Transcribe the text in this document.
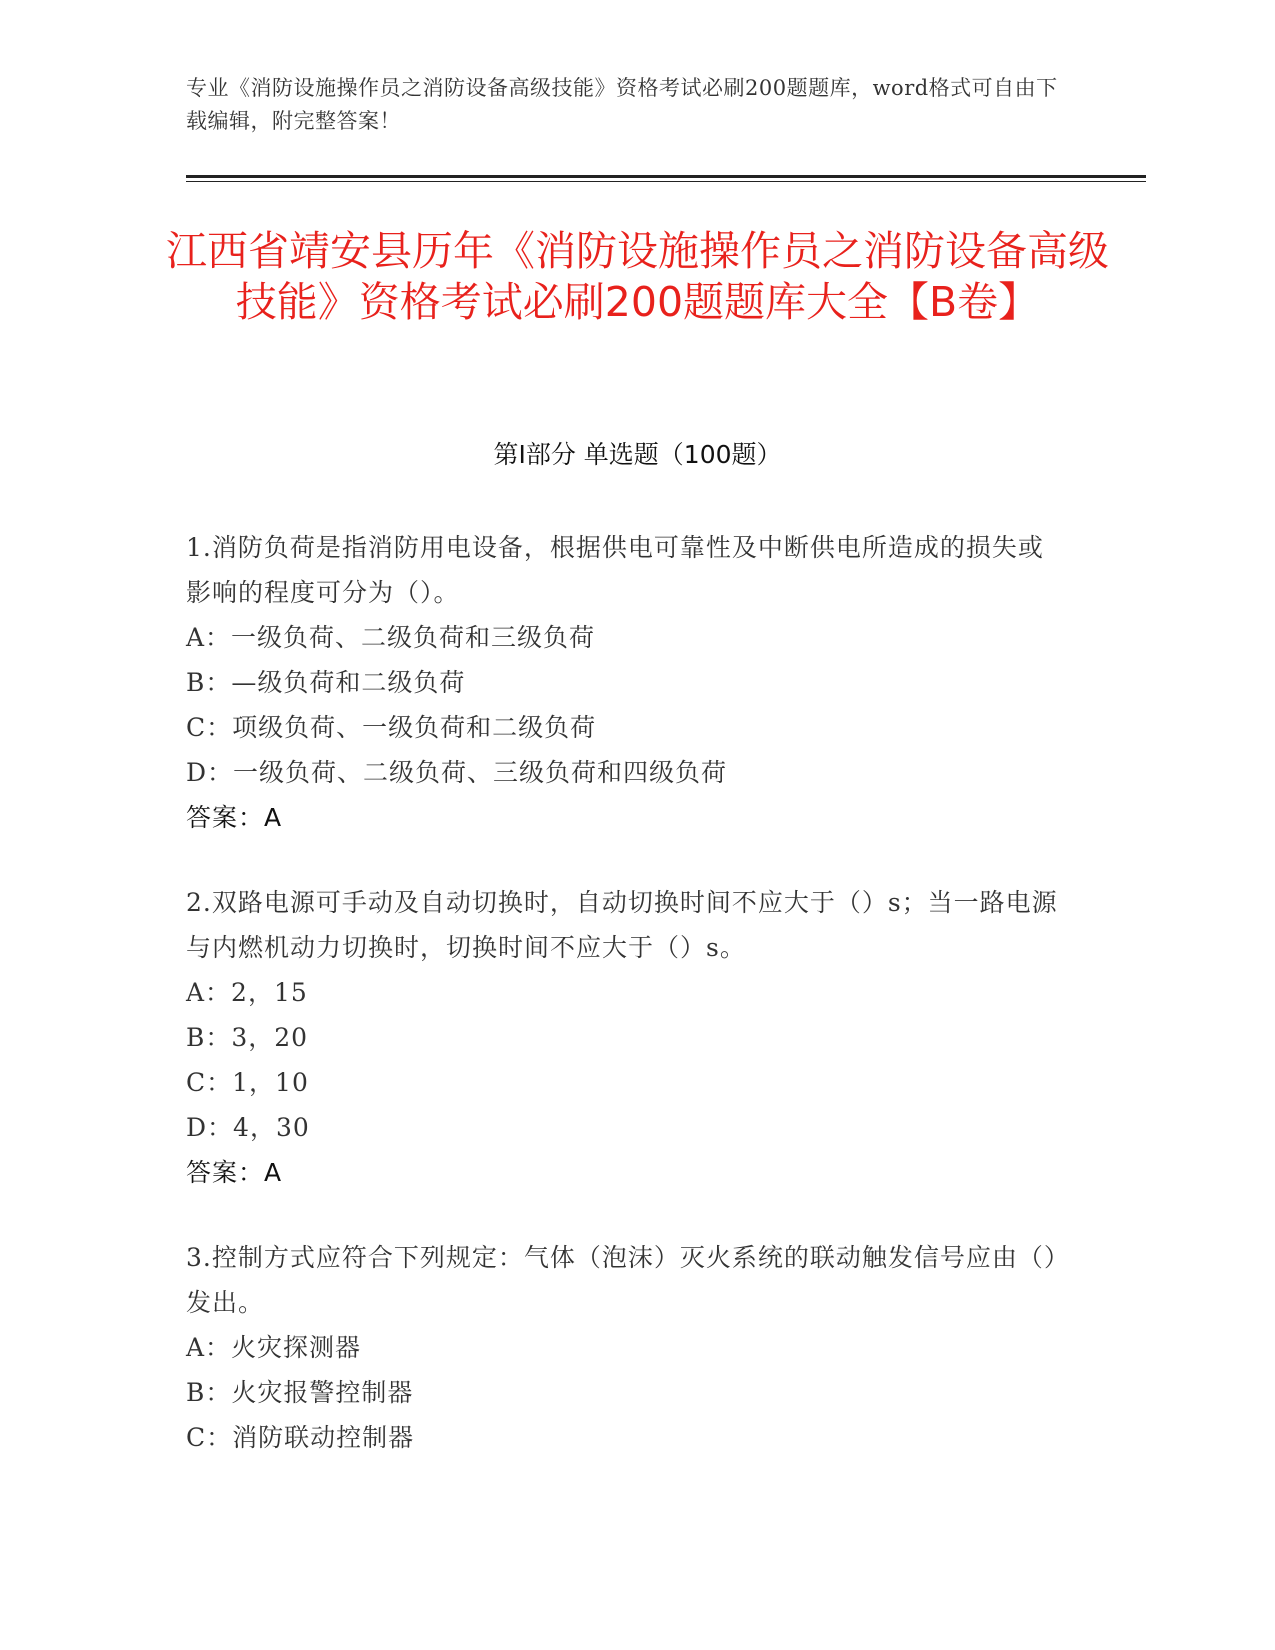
专业《消防设施操作员之消防设备高级技能》资格考试必刷200题题库，word格式可自由下载编辑，附完整答案！
江西省靖安县历年《消防设施操作员之消防设备高级技能》资格考试必刷200题题库大全【B卷】
第Ⅰ部分 单选题（100题）
1.消防负荷是指消防用电设备，根据供电可靠性及中断供电所造成的损失或影响的程度可分为（）。
A：一级负荷、二级负荷和三级负荷
B：—级负荷和二级负荷
C：项级负荷、一级负荷和二级负荷
D：一级负荷、二级负荷、三级负荷和四级负荷
答案：A
2.双路电源可手动及自动切换时，自动切换时间不应大于（）s；当一路电源与内燃机动力切换时，切换时间不应大于（）s。
A：2，15
B：3，20
C：1，10
D：4，30
答案：A
3.控制方式应符合下列规定：气体（泡沫）灭火系统的联动触发信号应由（）发出。
A：火灾探测器
B：火灾报警控制器
C：消防联动控制器
